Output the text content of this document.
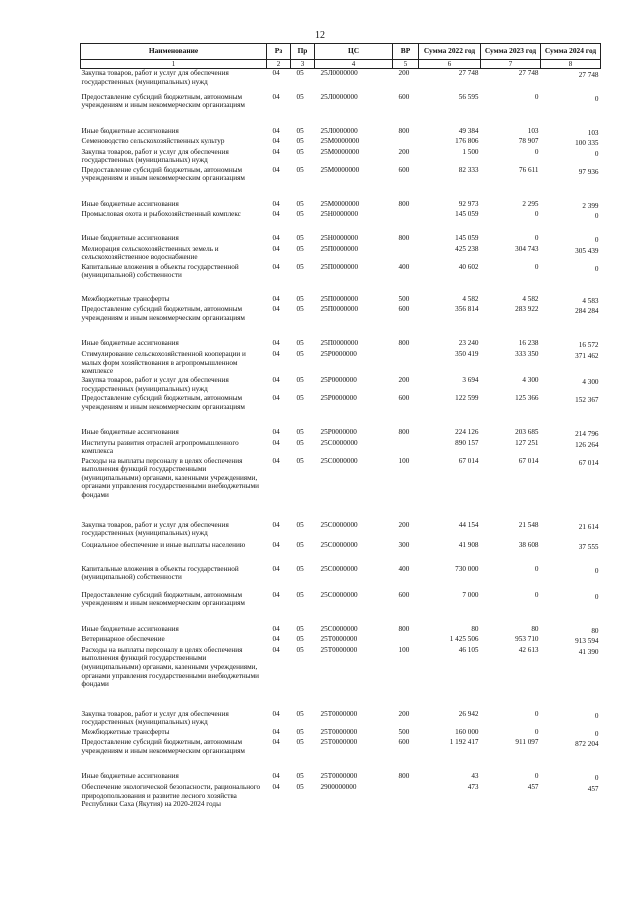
12
Наименование	Рз	Пр	ЦС	ВР	Сумма 2022 год	Сумма 2023 год	Сумма 2024 год
1	2	3	4	5	6	7	8
Закупка товаров, работ и услуг для обеспечения государственных (муниципальных) нужд	04	05	25Л0000000	200	27 748	27 748	27 748
Предоставление субсидий бюджетным, автономным учреждениям и иным некоммерческим организациям	04	05	25Л0000000	600	56 595	0	0
Иные бюджетные ассигнования	04	05	25Л0000000	800	49 384	103	103
Семеноводство сельскохозяйственных культур	04	05	25М0000000		176 806	78 907	100 335
Закупка товаров, работ и услуг для обеспечения государственных (муниципальных) нужд	04	05	25М0000000	200	1 500	0	0
Предоставление субсидий бюджетным, автономным учреждениям и иным некоммерческим организациям	04	05	25М0000000	600	82 333	76 611	97 936
Иные бюджетные ассигнования	04	05	25М0000000	800	92 973	2 295	2 399
Промысловая охота и рыбохозяйственный комплекс	04	05	25Н0000000		145 059	0	0
Иные бюджетные ассигнования	04	05	25Н0000000	800	145 059	0	0
Мелиорация сельскохозяйственных земель и сельскохозяйственное водоснабжение	04	05	25П0000000		425 238	304 743	305 439
Капитальные вложения в объекты государственной (муниципальной) собственности	04	05	25П0000000	400	40 602	0	0
Межбюджетные трансферты	04	05	25П0000000	500	4 582	4 582	4 583
Предоставление субсидий бюджетным, автономным учреждениям и иным некоммерческим организациям	04	05	25П0000000	600	356 814	283 922	284 284
Иные бюджетные ассигнования	04	05	25П0000000	800	23 240	16 238	16 572
Стимулирование сельскохозяйственной кооперации и малых форм хозяйствования в агропромышленном комплексе	04	05	25Р0000000		350 419	333 350	371 462
Закупка товаров, работ и услуг для обеспечения государственных (муниципальных) нужд	04	05	25Р0000000	200	3 694	4 300	4 300
Предоставление субсидий бюджетным, автономным учреждениям и иным некоммерческим организациям	04	05	25Р0000000	600	122 599	125 366	152 367
Иные бюджетные ассигнования	04	05	25Р0000000	800	224 126	203 685	214 796
Институты развития отраслей агропромышленного комплекса	04	05	25С0000000		890 157	127 251	126 264
Расходы на выплаты персоналу в целях обеспечения выполнения функций государственными (муниципальными) органами, казенными учреждениями, органами управления государственными внебюджетными фондами	04	05	25С0000000	100	67 014	67 014	67 014
Закупка товаров, работ и услуг для обеспечения государственных (муниципальных) нужд	04	05	25С0000000	200	44 154	21 548	21 614
Социальное обеспечение и иные выплаты населению	04	05	25С0000000	300	41 908	38 608	37 555
Капитальные вложения в объекты государственной (муниципальной) собственности	04	05	25С0000000	400	730 000	0	0
Предоставление субсидий бюджетным, автономным учреждениям и иным некоммерческим организациям	04	05	25С0000000	600	7 000	0	0
Иные бюджетные ассигнования	04	05	25С0000000	800	80	80	80
Ветеринарное обеспечение	04	05	25Т0000000		1 425 506	953 710	913 594
Расходы на выплаты персоналу в целях обеспечения выполнения функций государственными (муниципальными) органами, казенными учреждениями, органами управления государственными внебюджетными фондами	04	05	25Т0000000	100	46 105	42 613	41 390
Закупка товаров, работ и услуг для обеспечения государственных (муниципальных) нужд	04	05	25Т0000000	200	26 942	0	0
Межбюджетные трансферты	04	05	25Т0000000	500	160 000	0	0
Предоставление субсидий бюджетным, автономным учреждениям и иным некоммерческим организациям	04	05	25Т0000000	600	1 192 417	911 097	872 204
Иные бюджетные ассигнования	04	05	25Т0000000	800	43	0	0
Обеспечение экологической безопасности, рационального природопользования и развитие лесного хозяйства Республики Саха (Якутия) на 2020-2024 годы	04	05	2900000000		473	457	457
